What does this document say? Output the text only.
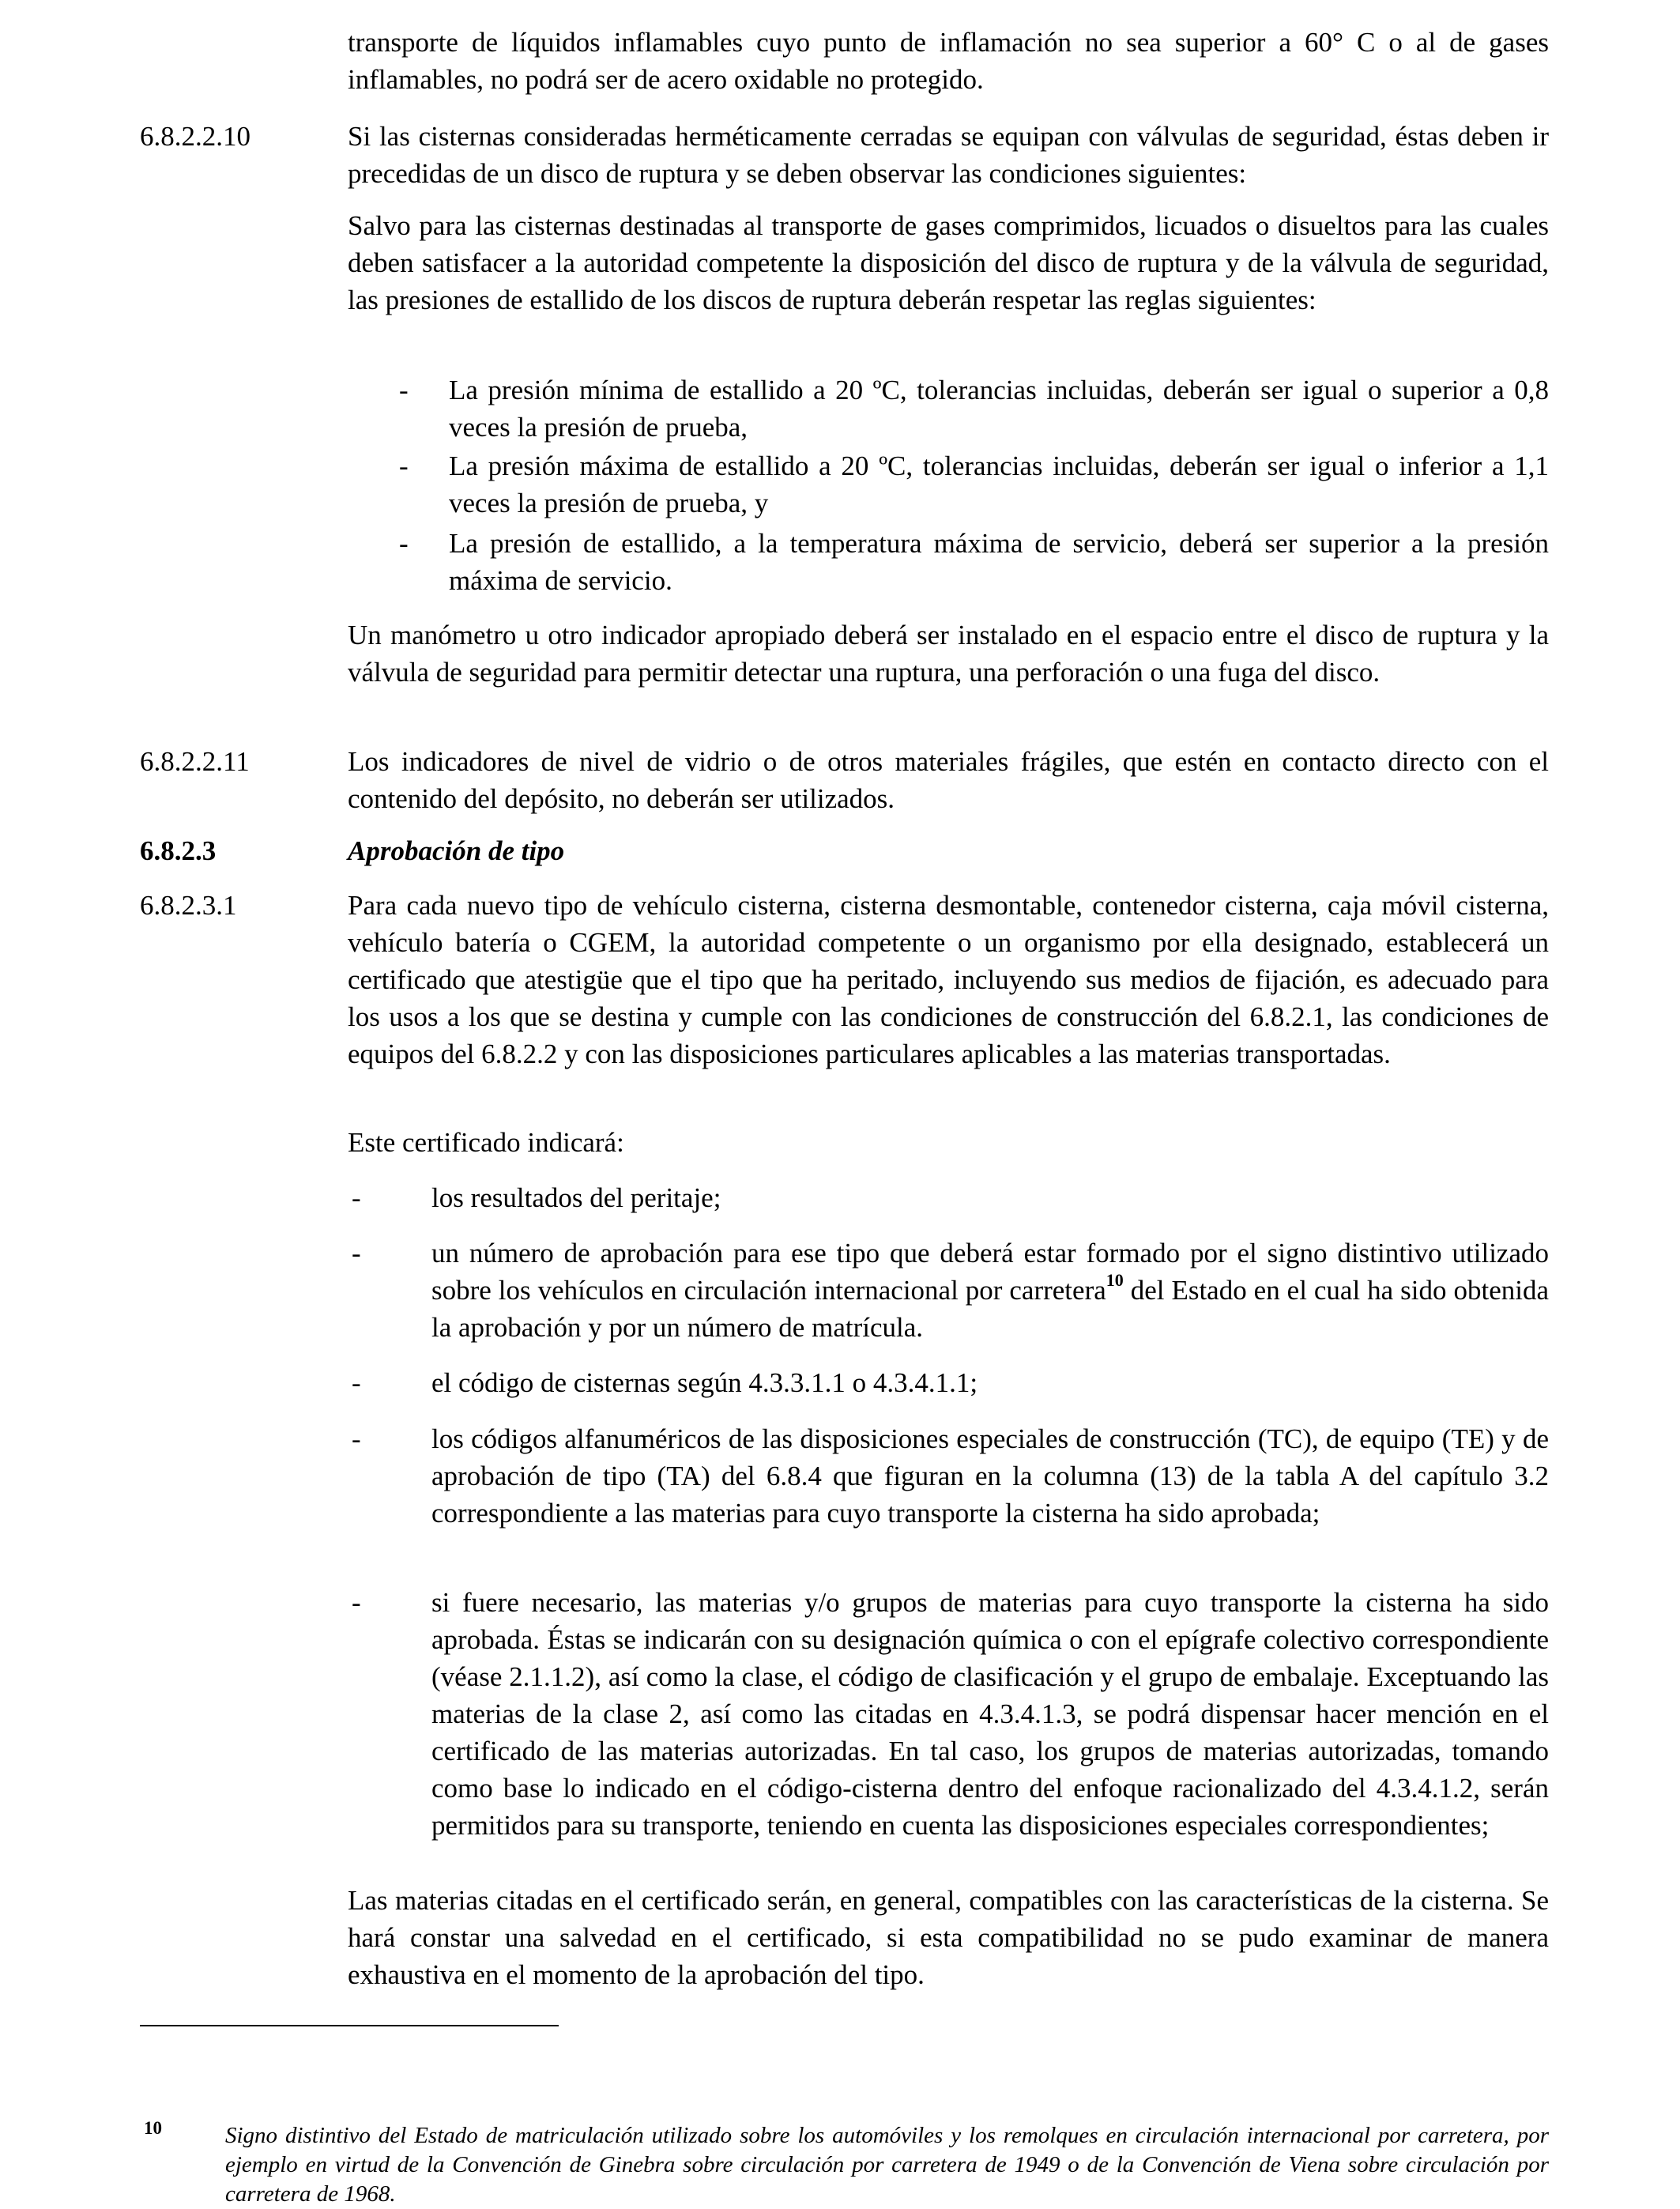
transporte de líquidos inflamables cuyo punto de inflamación no sea superior a 60° C o al de gases inflamables, no podrá ser de acero oxidable no protegido.
6.8.2.2.10	Si las cisternas consideradas herméticamente cerradas se equipan con válvulas de seguridad, éstas deben ir precedidas de un disco de ruptura y se deben observar las condiciones siguientes:
Salvo para las cisternas destinadas al transporte de gases comprimidos, licuados o disueltos para las cuales deben satisfacer a la autoridad competente la disposición del disco de ruptura y de la válvula de seguridad, las presiones de estallido de los discos de ruptura deberán respetar las reglas siguientes:
- La presión mínima de estallido a 20 ºC, tolerancias incluidas, deberán ser igual o superior a 0,8 veces la presión de prueba,
- La presión máxima de estallido a 20 ºC, tolerancias incluidas, deberán ser igual o inferior a 1,1 veces la presión de prueba, y
- La presión de estallido, a la temperatura máxima de servicio, deberá ser superior a la presión máxima de servicio.
Un manómetro u otro indicador apropiado deberá ser instalado en el espacio entre el disco de ruptura y la válvula de seguridad para permitir detectar una ruptura, una perforación o una fuga del disco.
6.8.2.2.11	Los indicadores de nivel de vidrio o de otros materiales frágiles, que estén en contacto directo con el contenido del depósito, no deberán ser utilizados.
6.8.2.3	Aprobación de tipo
6.8.2.3.1	Para cada nuevo tipo de vehículo cisterna, cisterna desmontable, contenedor cisterna, caja móvil cisterna, vehículo batería o CGEM, la autoridad competente o un organismo por ella designado, establecerá un certificado que atestigüe que el tipo que ha peritado, incluyendo sus medios de fijación, es adecuado para los usos a los que se destina y cumple con las condiciones de construcción del 6.8.2.1, las condiciones de equipos del 6.8.2.2 y con las disposiciones particulares aplicables a las materias transportadas.
Este certificado indicará:
-	los resultados del peritaje;
-	un número de aprobación para ese tipo que deberá estar formado por el signo distintivo utilizado sobre los vehículos en circulación internacional por carretera$^{10}$ del Estado en el cual ha sido obtenida la aprobación y por un número de matrícula.
-	el código de cisternas según 4.3.3.1.1 o 4.3.4.1.1;
-	los códigos alfanuméricos de las disposiciones especiales de construcción (TC), de equipo (TE) y de aprobación de tipo (TA) del 6.8.4 que figuran en la columna (13) de la tabla A del capítulo 3.2 correspondiente a las materias para cuyo transporte la cisterna ha sido aprobada;
-	si fuere necesario, las materias y/o grupos de materias para cuyo transporte la cisterna ha sido aprobada. Éstas se indicarán con su designación química o con el epígrafe colectivo correspondiente (véase 2.1.1.2), así como la clase, el código de clasificación y el grupo de embalaje. Exceptuando las materias de la clase 2, así como las citadas en 4.3.4.1.3, se podrá dispensar hacer mención en el certificado de las materias autorizadas. En tal caso, los grupos de materias autorizadas, tomando como base lo indicado en el código-cisterna dentro del enfoque racionalizado del 4.3.4.1.2, serán permitidos para su transporte, teniendo en cuenta las disposiciones especiales correspondientes;
Las materias citadas en el certificado serán, en general, compatibles con las características de la cisterna. Se hará constar una salvedad en el certificado, si esta compatibilidad no se pudo examinar de manera exhaustiva en el momento de la aprobación del tipo.
10	Signo distintivo del Estado de matriculación utilizado sobre los automóviles y los remolques en circulación internacional por carretera, por ejemplo en virtud de la Convención de Ginebra sobre circulación por carretera de 1949 o de la Convención de Viena sobre circulación por carretera de 1968.
